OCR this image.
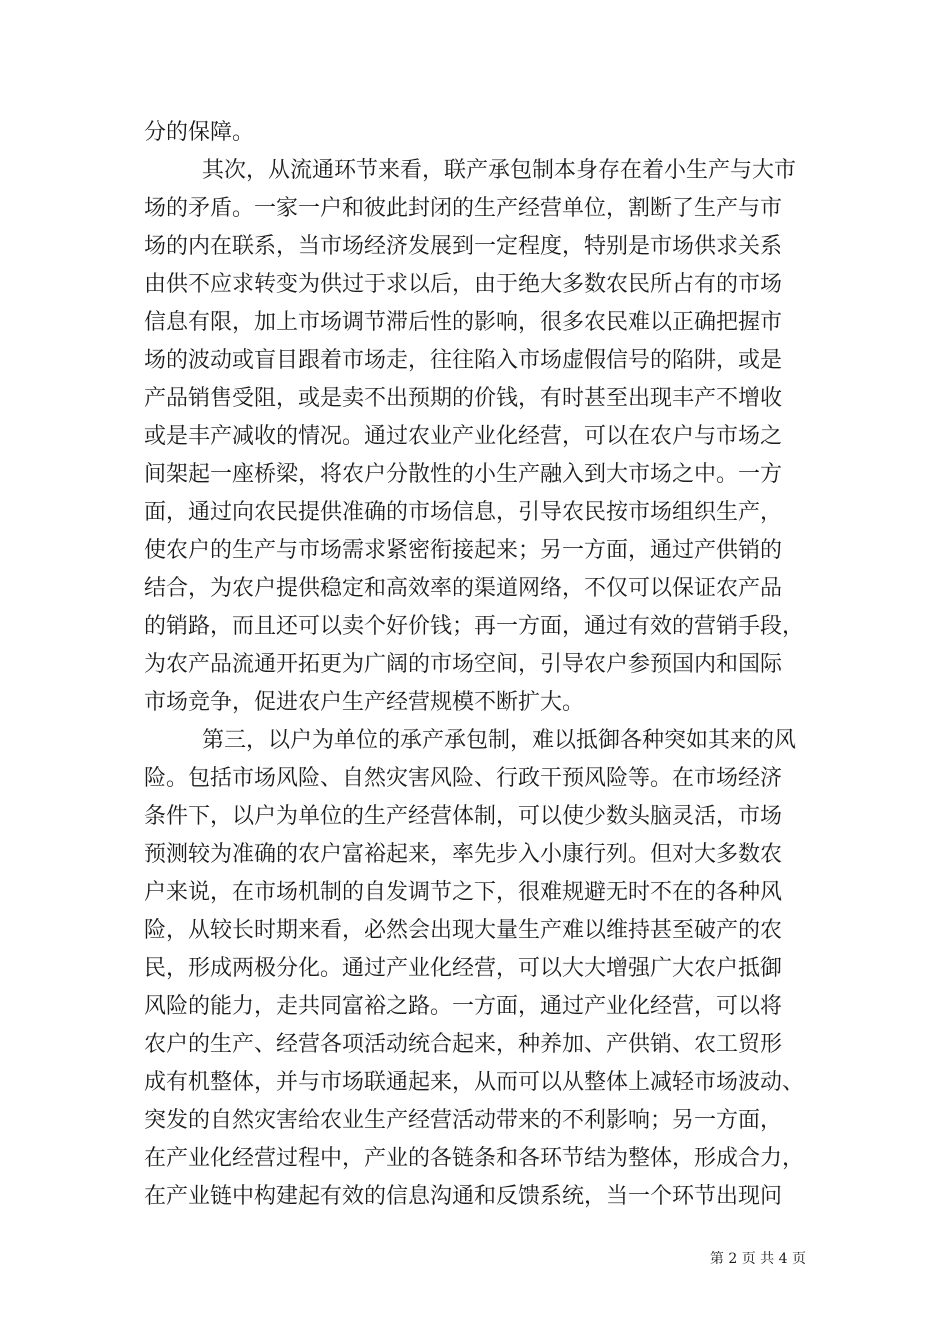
分的保障。
其次，从流通环节来看，联产承包制本身存在着小生产与大市
场的矛盾。一家一户和彼此封闭的生产经营单位，割断了生产与市
场的内在联系，当市场经济发展到一定程度，特别是市场供求关系
由供不应求转变为供过于求以后，由于绝大多数农民所占有的市场
信息有限，加上市场调节滞后性的影响，很多农民难以正确把握市
场的波动或盲目跟着市场走，往往陷入市场虚假信号的陷阱，或是
产品销售受阻，或是卖不出预期的价钱，有时甚至出现丰产不增收
或是丰产减收的情况。通过农业产业化经营，可以在农户与市场之
间架起一座桥梁，将农户分散性的小生产融入到大市场之中。一方
面，通过向农民提供准确的市场信息，引导农民按市场组织生产，
使农户的生产与市场需求紧密衔接起来；另一方面，通过产供销的
结合，为农户提供稳定和高效率的渠道网络，不仅可以保证农产品
的销路，而且还可以卖个好价钱；再一方面，通过有效的营销手段，
为农产品流通开拓更为广阔的市场空间，引导农户参预国内和国际
市场竞争，促进农户生产经营规模不断扩大。
第三，以户为单位的承产承包制，难以抵御各种突如其来的风
险。包括市场风险、自然灾害风险、行政干预风险等。在市场经济
条件下，以户为单位的生产经营体制，可以使少数头脑灵活，市场
预测较为准确的农户富裕起来，率先步入小康行列。但对大多数农
户来说，在市场机制的自发调节之下，很难规避无时不在的各种风
险，从较长时期来看，必然会出现大量生产难以维持甚至破产的农
民，形成两极分化。通过产业化经营，可以大大增强广大农户抵御
风险的能力，走共同富裕之路。一方面，通过产业化经营，可以将
农户的生产、经营各项活动统合起来，种养加、产供销、农工贸形
成有机整体，并与市场联通起来，从而可以从整体上减轻市场波动、
突发的自然灾害给农业生产经营活动带来的不利影响；另一方面，
在产业化经营过程中，产业的各链条和各环节结为整体，形成合力，
在产业链中构建起有效的信息沟通和反馈系统，当一个环节出现问
第 2 页 共 4 页
